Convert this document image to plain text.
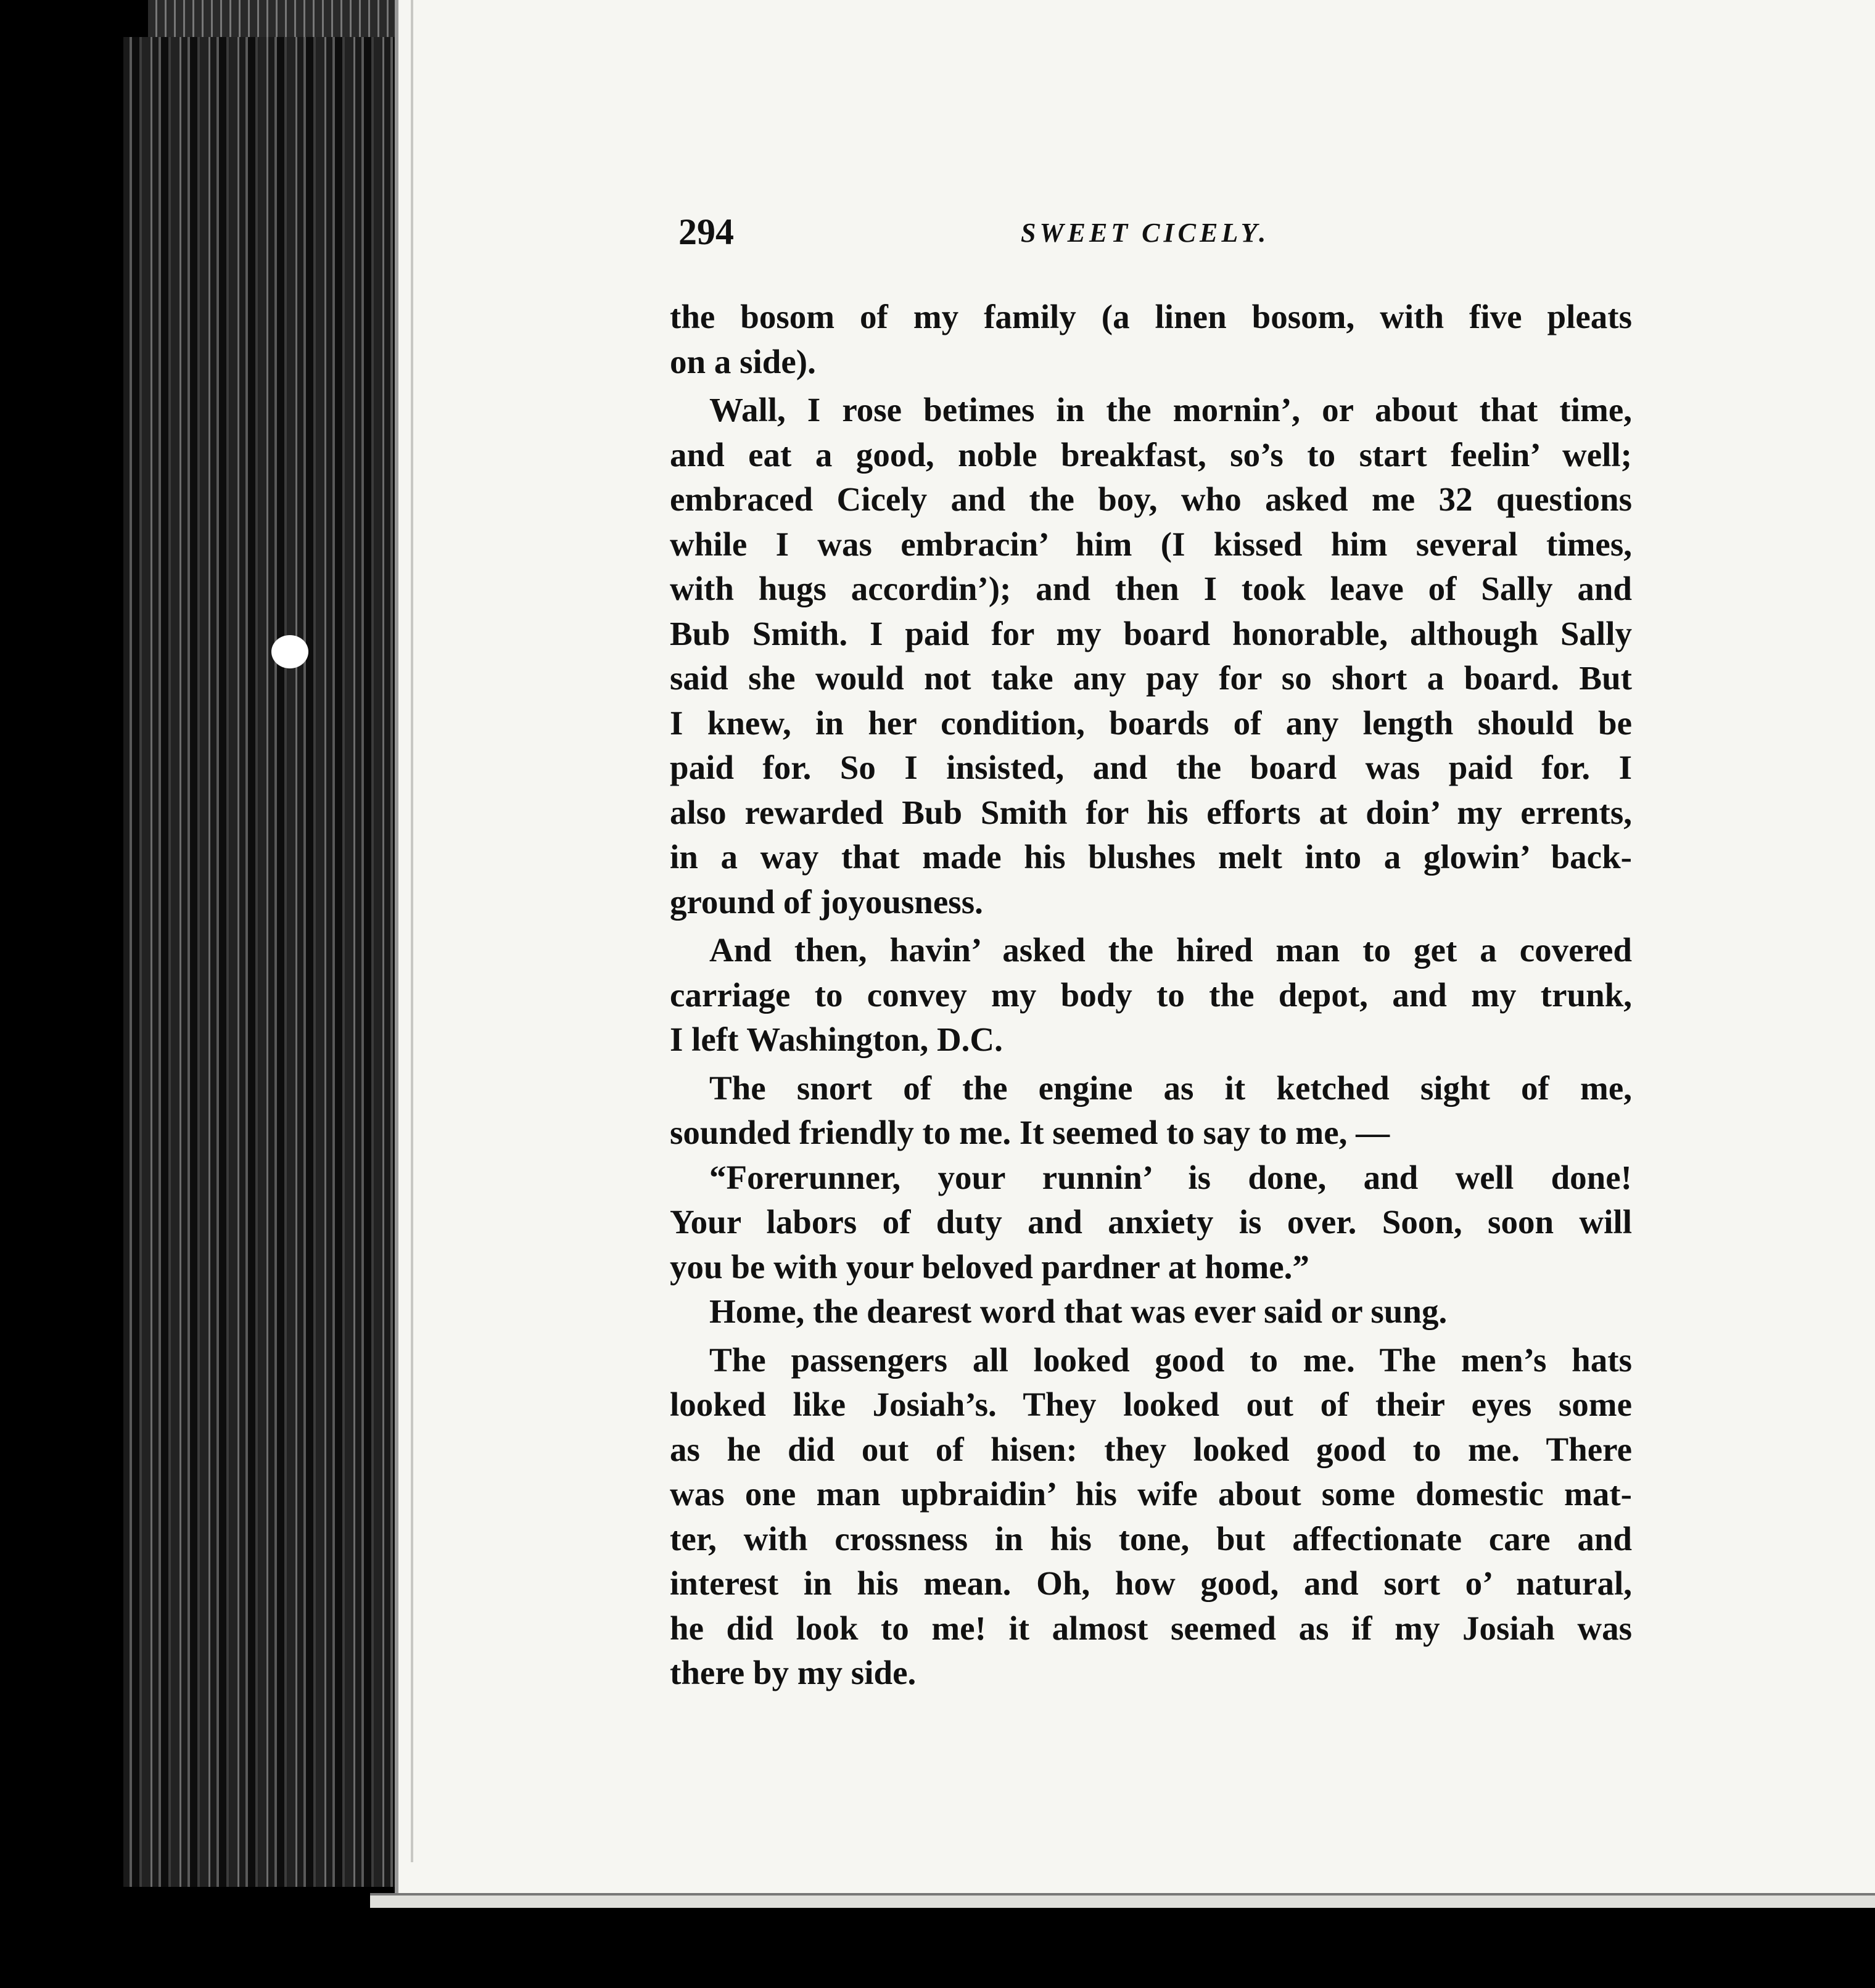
294	SWEET CICELY.
the bosom of my family (a linen bosom, with five pleats
on a side).
Wall, I rose betimes in the mornin’, or about that time,
and eat a good, noble breakfast, so’s to start feelin’ well;
embraced Cicely and the boy, who asked me 32 questions
while I was embracin’ him (I kissed him several times,
with hugs accordin’); and then I took leave of Sally and
Bub Smith. I paid for my board honorable, although Sally
said she would not take any pay for so short a board. But
I knew, in her condition, boards of any length should be
paid for. So I insisted, and the board was paid for. I
also rewarded Bub Smith for his efforts at doin’ my errents,
in a way that made his blushes melt into a glowin’ back-
ground of joyousness.
And then, havin’ asked the hired man to get a covered
carriage to convey my body to the depot, and my trunk,
I left Washington, D.C.
The snort of the engine as it ketched sight of me,
sounded friendly to me. It seemed to say to me, —
“Forerunner, your runnin’ is done, and well done!
Your labors of duty and anxiety is over. Soon, soon will
you be with your beloved pardner at home.”
Home, the dearest word that was ever said or sung.
The passengers all looked good to me. The men’s hats
looked like Josiah’s. They looked out of their eyes some
as he did out of hisen: they looked good to me. There
was one man upbraidin’ his wife about some domestic mat-
ter, with crossness in his tone, but affectionate care and
interest in his mean. Oh, how good, and sort o’ natural,
he did look to me! it almost seemed as if my Josiah was
there by my side.
